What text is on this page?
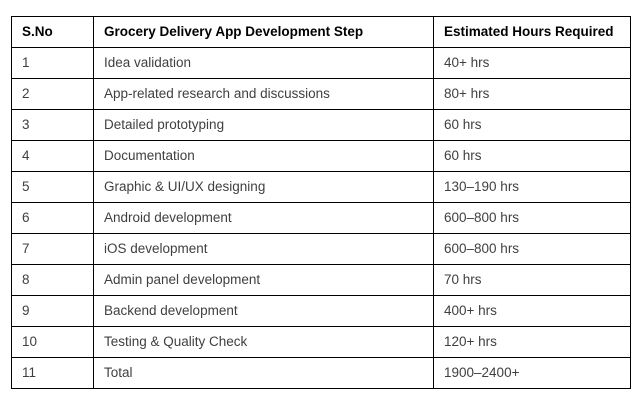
S.No	Grocery Delivery App Development Step	Estimated Hours Required
1	Idea validation	40+ hrs
2	App-related research and discussions	80+ hrs
3	Detailed prototyping	60 hrs
4	Documentation	60 hrs
5	Graphic & UI/UX designing	130–190 hrs
6	Android development	600–800 hrs
7	iOS development	600–800 hrs
8	Admin panel development	70 hrs
9	Backend development	400+ hrs
10	Testing & Quality Check	120+ hrs
11	Total	1900–2400+
